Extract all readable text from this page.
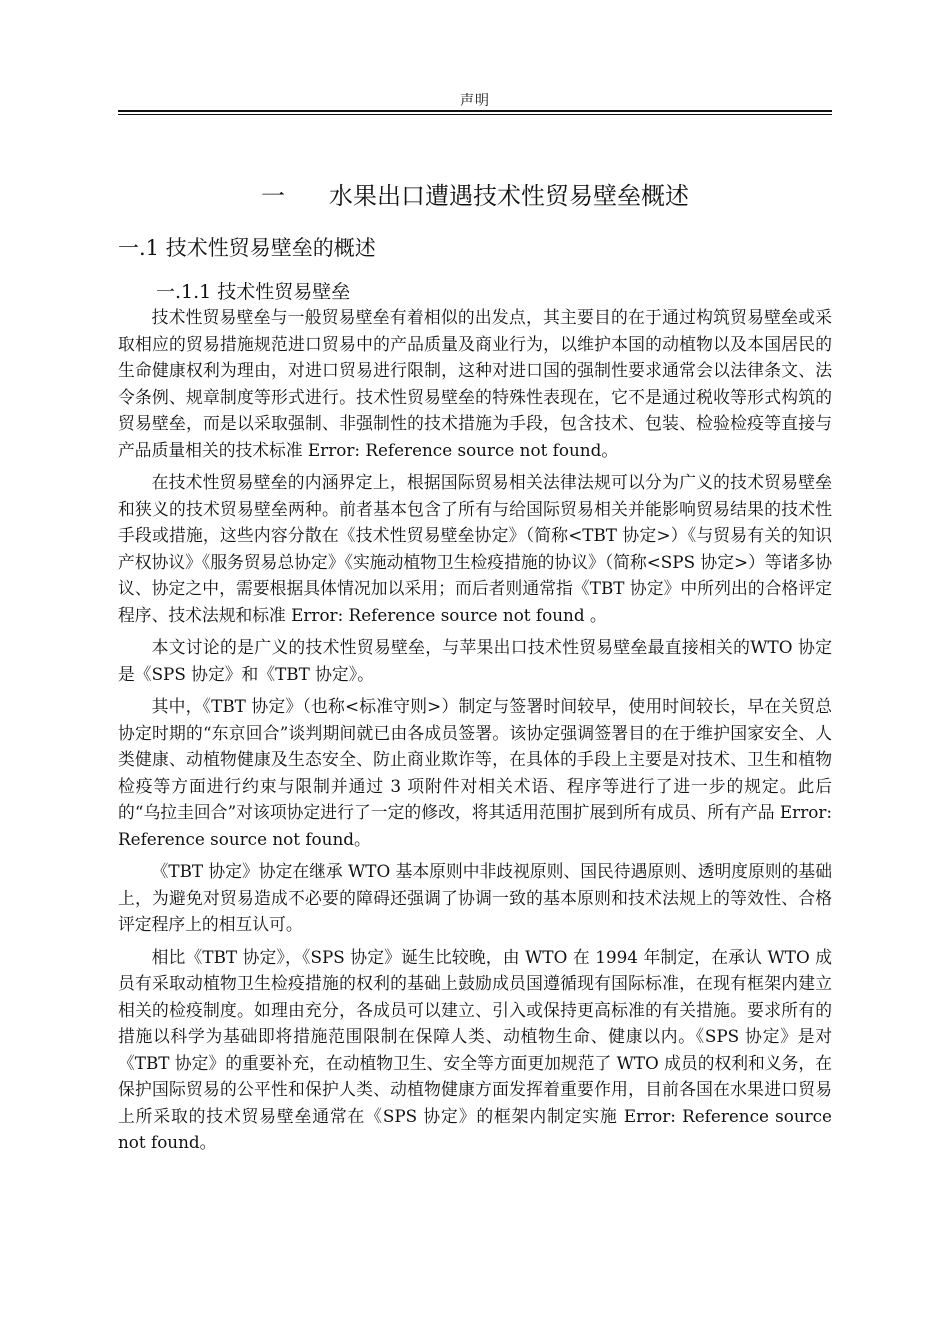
声明
一 水果出口遭遇技术性贸易壁垒概述
一.1 技术性贸易壁垒的概述
一.1.1 技术性贸易壁垒

技术性贸易壁垒与一般贸易壁垒有着相似的出发点，其主要目的在于通过构筑贸易壁垒或采取相应的贸易措施规范进口贸易中的产品质量及商业行为，以维护本国的动植物以及本国居民的生命健康权利为理由，对进口贸易进行限制，这种对进口国的强制性要求通常会以法律条文、法令条例、规章制度等形式进行。技术性贸易壁垒的特殊性表现在，它不是通过税收等形式构筑的贸易壁垒，而是以采取强制、非强制性的技术措施为手段，包含技术、包装、检验检疫等直接与产品质量相关的技术标准 Error: Reference source not found。

在技术性贸易壁垒的内涵界定上，根据国际贸易相关法律法规可以分为广义的技术贸易壁垒和狭义的技术贸易壁垒两种。前者基本包含了所有与给国际贸易相关并能影响贸易结果的技术性手段或措施，这些内容分散在《技术性贸易壁垒协定》（简称<TBT 协定>）《与贸易有关的知识产权协议》《服务贸易总协定》《实施动植物卫生检疫措施的协议》（简称<SPS 协定>）等诸多协议、协定之中，需要根据具体情况加以采用；而后者则通常指《TBT 协定》中所列出的合格评定程序、技术法规和标准 Error: Reference source not found 。

本文讨论的是广义的技术性贸易壁垒，与苹果出口技术性贸易壁垒最直接相关的WTO 协定是《SPS 协定》和《TBT 协定》。

其中，《TBT 协定》（也称<标准守则>）制定与签署时间较早，使用时间较长，早在关贸总协定时期的“东京回合”谈判期间就已由各成员签署。该协定强调签署目的在于维护国家安全、人类健康、动植物健康及生态安全、防止商业欺诈等，在具体的手段上主要是对技术、卫生和植物检疫等方面进行约束与限制并通过 3 项附件对相关术语、程序等进行了进一步的规定。此后的“乌拉圭回合”对该项协定进行了一定的修改，将其适用范围扩展到所有成员、所有产品 Error: Reference source not found。

《TBT 协定》协定在继承 WTO 基本原则中非歧视原则、国民待遇原则、透明度原则的基础上，为避免对贸易造成不必要的障碍还强调了协调一致的基本原则和技术法规上的等效性、合格评定程序上的相互认可。

相比《TBT 协定》，《SPS 协定》诞生比较晚，由 WTO 在 1994 年制定，在承认 WTO 成员有采取动植物卫生检疫措施的权利的基础上鼓励成员国遵循现有国际标准，在现有框架内建立相关的检疫制度。如理由充分，各成员可以建立、引入或保持更高标准的有关措施。要求所有的措施以科学为基础即将措施范围限制在保障人类、动植物生命、健康以内。《SPS 协定》是对《TBT 协定》的重要补充，在动植物卫生、安全等方面更加规范了 WTO 成员的权利和义务，在保护国际贸易的公平性和保护人类、动植物健康方面发挥着重要作用，目前各国在水果进口贸易上所采取的技术贸易壁垒通常在《SPS 协定》的框架内制定实施 Error: Reference source not found。
